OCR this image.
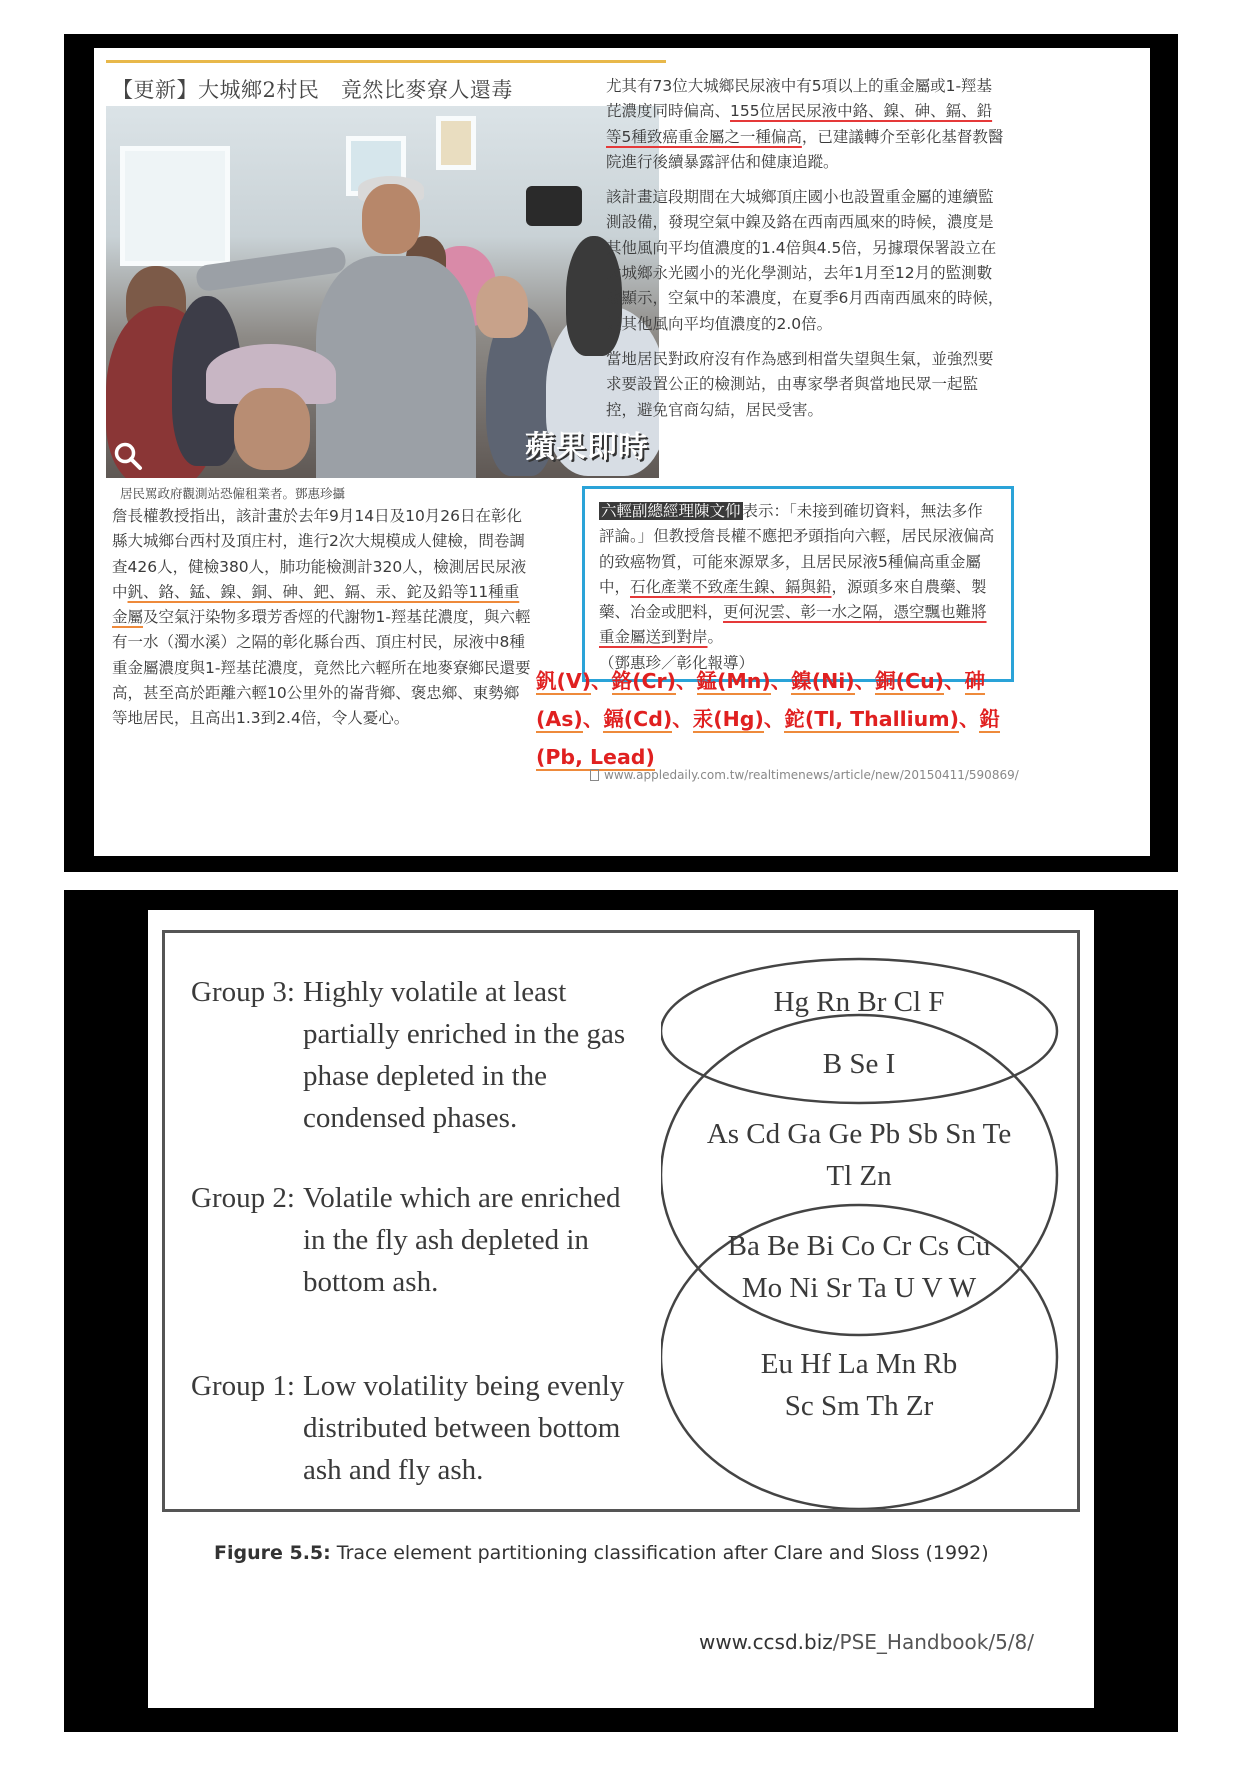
【更新】大城鄉2村民　竟然比麥寮人還毒
蘋果即時
居民罵政府觀測站恐僱租業者。鄧惠珍攝

詹長權教授指出，該計畫於去年9月14日及10月26日在彰化縣大城鄉台西村及頂庄村，進行2次大規模成人健檢，問卷調查426人，健檢380人，肺功能檢測計320人，檢測居民尿液中釩、鉻、錳、鎳、銅、砷、鈀、鎘、汞、鉈及鉛等11種重金屬及空氣汙染物多環芳香烴的代謝物1-羥基芘濃度，與六輕有一水（濁水溪）之隔的彰化縣台西、頂庄村民，尿液中8種重金屬濃度與1-羥基芘濃度，竟然比六輕所在地麥寮鄉民還要高，甚至高於距離六輕10公里外的崙背鄉、褒忠鄉、東勢鄉等地居民，且高出1.3到2.4倍，令人憂心。

尤其有73位大城鄉民尿液中有5項以上的重金屬或1-羥基芘濃度同時偏高、155位居民尿液中鉻、鎳、砷、鎘、鉛等5種致癌重金屬之一種偏高，已建議轉介至彰化基督教醫院進行後續暴露評估和健康追蹤。

該計畫這段期間在大城鄉頂庄國小也設置重金屬的連續監測設備，發現空氣中鎳及鉻在西南西風來的時候，濃度是其他風向平均值濃度的1.4倍與4.5倍，另據環保署設立在大城鄉永光國小的光化學測站，去年1月至12月的監測數據顯示，空氣中的苯濃度，在夏季6月西南西風來的時候，是其他風向平均值濃度的2.0倍。

當地居民對政府沒有作為感到相當失望與生氣，並強烈要求要設置公正的檢測站，由專家學者與當地民眾一起監控，避免官商勾結，居民受害。

六輕副總經理陳文仰 表示：「未接到確切資料，無法多作評論。」但教授詹長權不應把矛頭指向六輕，居民尿液偏高的致癌物質，可能來源眾多，且居民尿液5種偏高重金屬中，石化產業不致產生鎳、鎘與鉛，源頭多來自農藥、製藥、冶金或肥料，更何況雲、彰一水之隔，憑空飄也難將重金屬送到對岸。
（鄧惠珍／彰化報導）
釩(V)、鉻(Cr)、錳(Mn)、鎳(Ni)、銅(Cu)、砷(As)、鎘(Cd)、汞(Hg)、鉈(Tl, Thallium)、鉛(Pb, Lead)
www.appledaily.com.tw/realtimenews/article/new/20150411/590869/
Group 3: Highly volatile at least partially enriched in the gas phase depleted in the condensed phases.
Group 2: Volatile which are enriched in the fly ash depleted in bottom ash.
Group 1: Low volatility being evenly distributed between bottom ash and fly ash.
Hg Rn Br Cl F
B Se I
As Cd Ga Ge Pb Sb Sn Te
Tl Zn
Ba Be Bi Co Cr Cs Cu
Mo Ni Sr Ta U V W
Eu Hf La Mn Rb
Sc Sm Th Zr
Figure 5.5: Trace element partitioning classification after Clare and Sloss (1992)
www.ccsd.biz/PSE_Handbook/5/8/
